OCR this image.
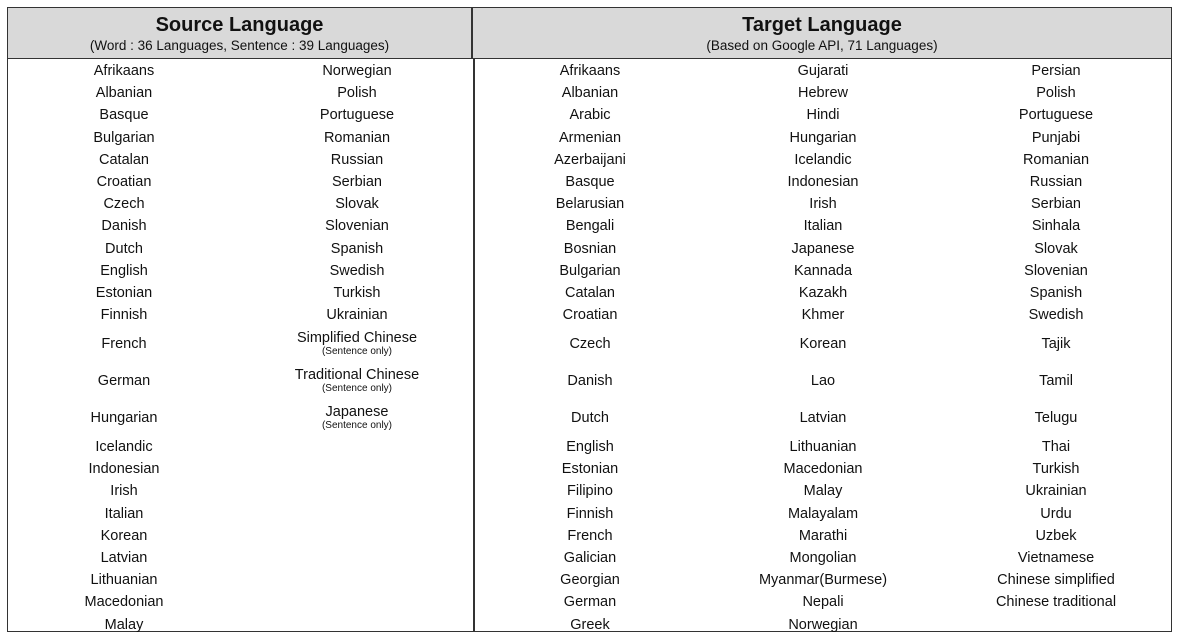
Source Language
(Word : 36 Languages, Sentence : 39 Languages)
Target Language
(Based on Google API, 71 Languages)
Afrikaans
Albanian
Basque
Bulgarian
Catalan
Croatian
Czech
Danish
Dutch
English
Estonian
Finnish
French
German
Hungarian
Icelandic
Indonesian
Irish
Italian
Korean
Latvian
Lithuanian
Macedonian
Malay
Norwegian
Polish
Portuguese
Romanian
Russian
Serbian
Slovak
Slovenian
Spanish
Swedish
Turkish
Ukrainian
Simplified Chinese
(Sentence only)
Traditional Chinese
(Sentence only)
Japanese
(Sentence only)
Afrikaans
Albanian
Arabic
Armenian
Azerbaijani
Basque
Belarusian
Bengali
Bosnian
Bulgarian
Catalan
Croatian
Czech
Danish
Dutch
English
Estonian
Filipino
Finnish
French
Galician
Georgian
German
Greek
Gujarati
Hebrew
Hindi
Hungarian
Icelandic
Indonesian
Irish
Italian
Japanese
Kannada
Kazakh
Khmer
Korean
Lao
Latvian
Lithuanian
Macedonian
Malay
Malayalam
Marathi
Mongolian
Myanmar(Burmese)
Nepali
Norwegian
Persian
Polish
Portuguese
Punjabi
Romanian
Russian
Serbian
Sinhala
Slovak
Slovenian
Spanish
Swedish
Tajik
Tamil
Telugu
Thai
Turkish
Ukrainian
Urdu
Uzbek
Vietnamese
Chinese simplified
Chinese traditional
